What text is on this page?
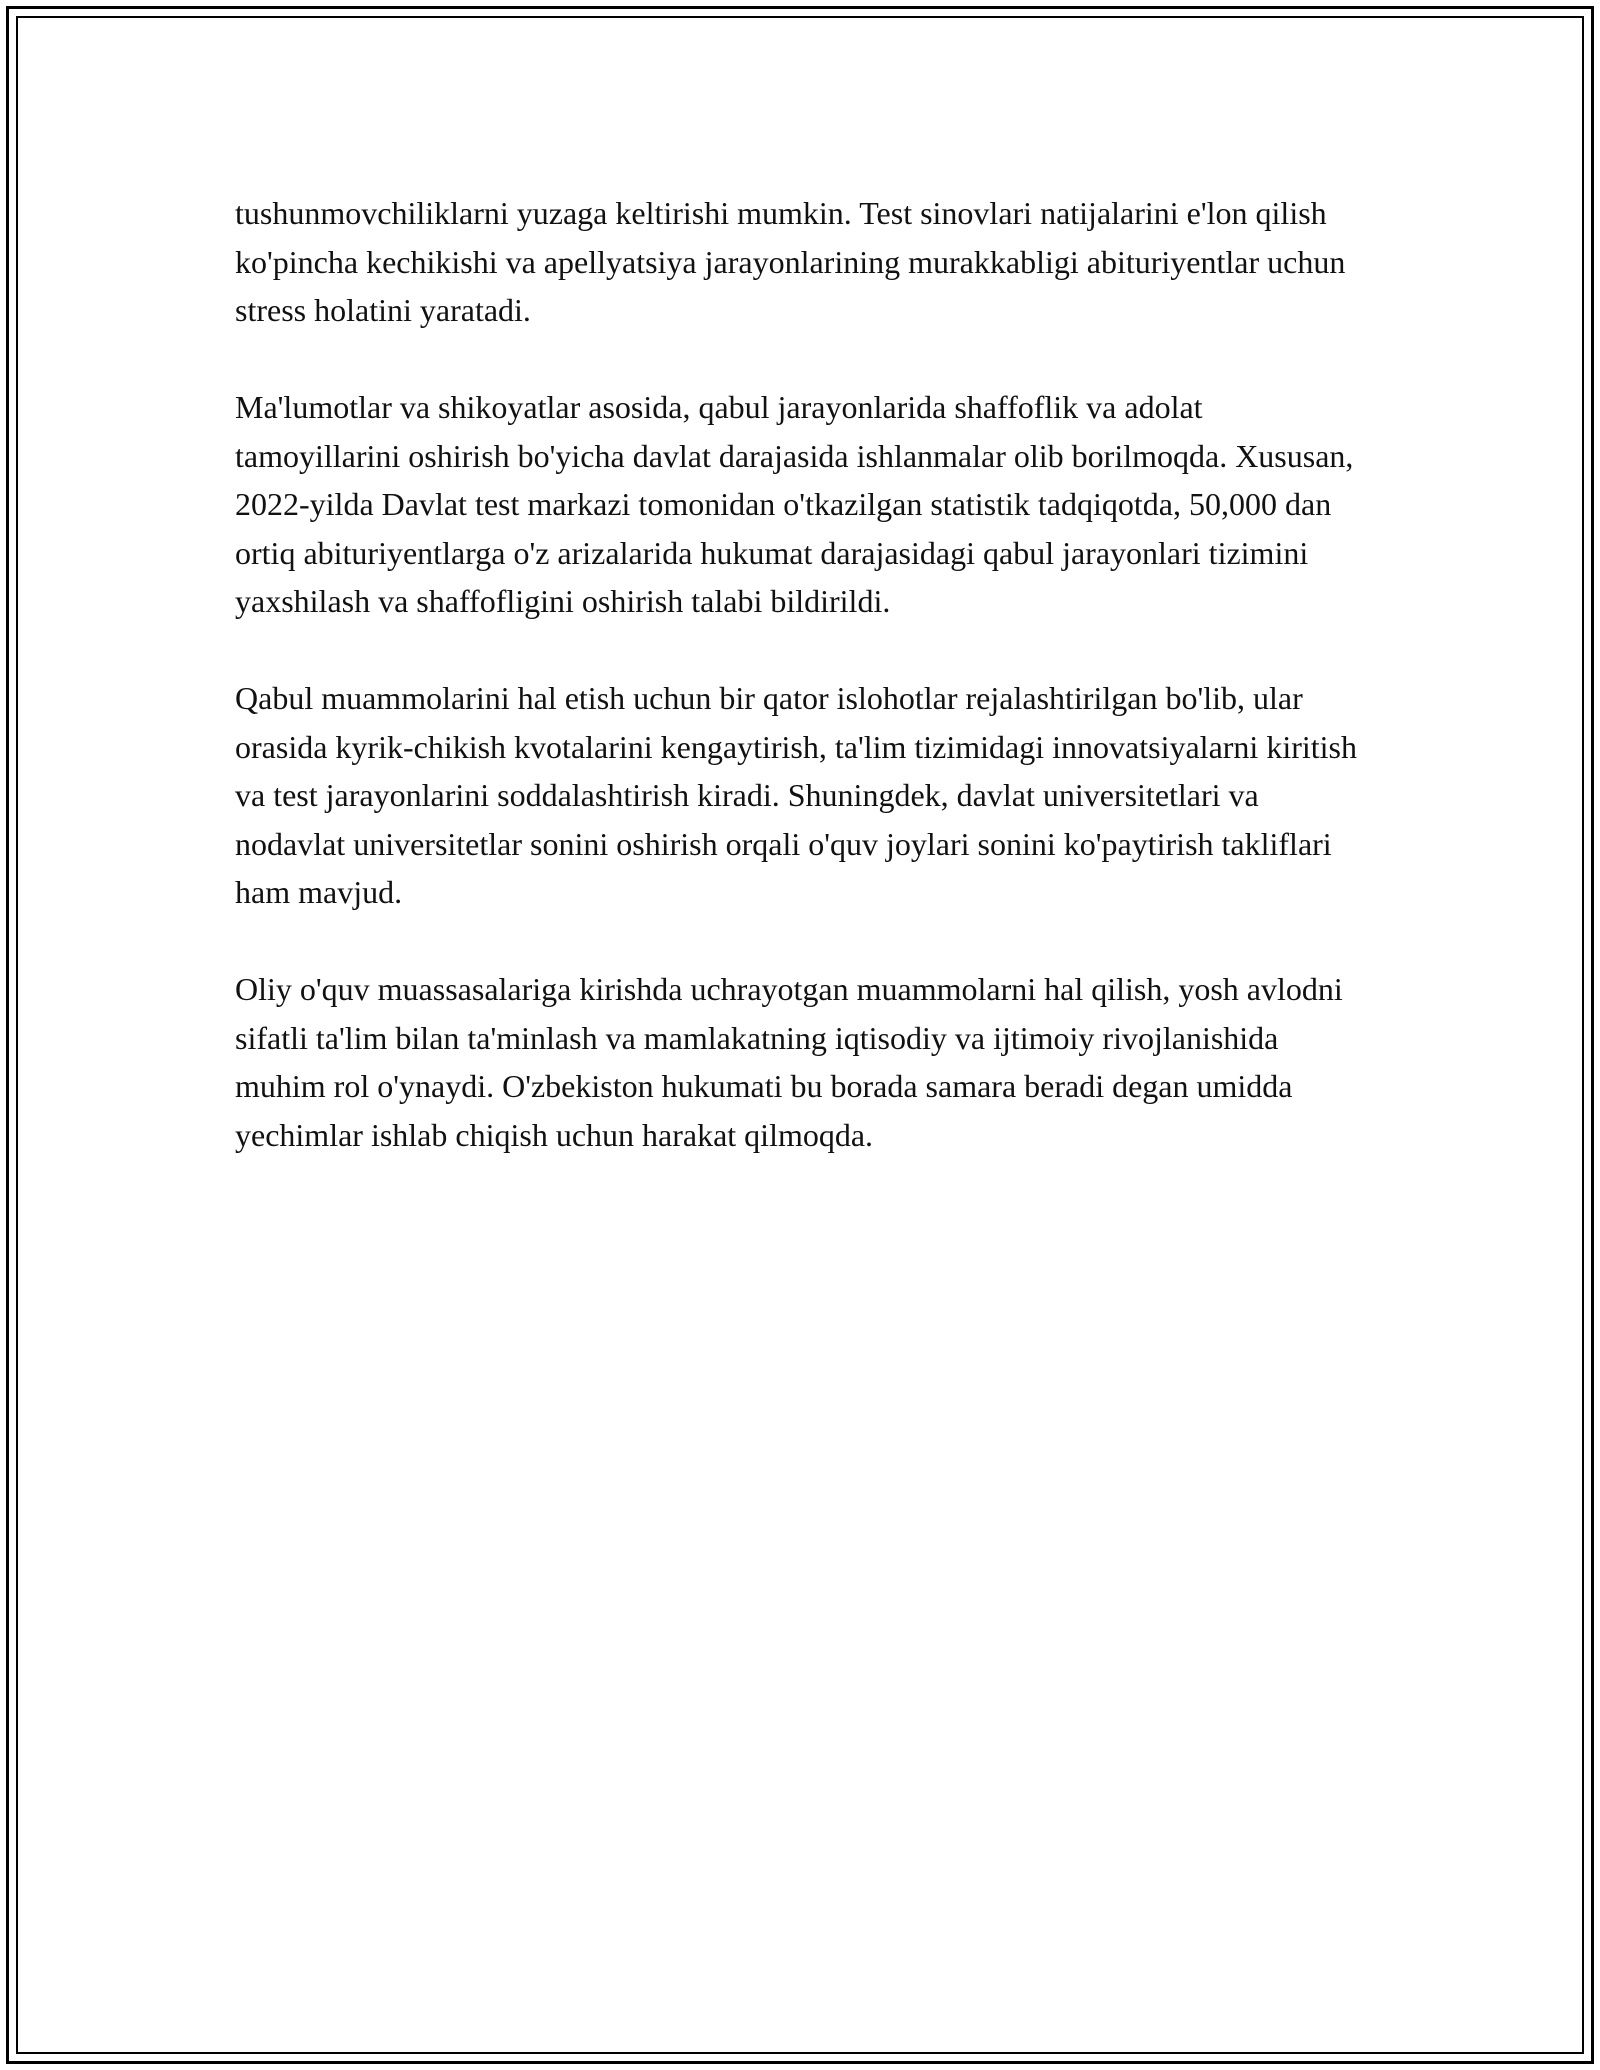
tushunmovchiliklarni yuzaga keltirishi mumkin. Test sinovlari natijalarini e'lon qilish ko'pincha kechikishi va apellyatsiya jarayonlarining murakkabligi abituriyentlar uchun stress holatini yaratadi.

Ma'lumotlar va shikoyatlar asosida, qabul jarayonlarida shaffoflik va adolat tamoyillarini oshirish bo'yicha davlat darajasida ishlanmalar olib borilmoqda. Xususan, 2022-yilda Davlat test markazi tomonidan o'tkazilgan statistik tadqiqotda, 50,000 dan ortiq abituriyentlarga o'z arizalarida hukumat darajasidagi qabul jarayonlari tizimini yaxshilash va shaffofligini oshirish talabi bildirildi.

Qabul muammolarini hal etish uchun bir qator islohotlar rejalashtirilgan bo'lib, ular orasida kyrik-chikish kvotalarini kengaytirish, ta'lim tizimidagi innovatsiyalarni kiritish va test jarayonlarini soddalashtirish kiradi. Shuningdek, davlat universitetlari va nodavlat universitetlar sonini oshirish orqali o'quv joylari sonini ko'paytirish takliflari ham mavjud.

Oliy o'quv muassasalariga kirishda uchrayotgan muammolarni hal qilish, yosh avlodni sifatli ta'lim bilan ta'minlash va mamlakatning iqtisodiy va ijtimoiy rivojlanishida muhim rol o'ynaydi. O'zbekiston hukumati bu borada samara beradi degan umidda yechimlar ishlab chiqish uchun harakat qilmoqda.
